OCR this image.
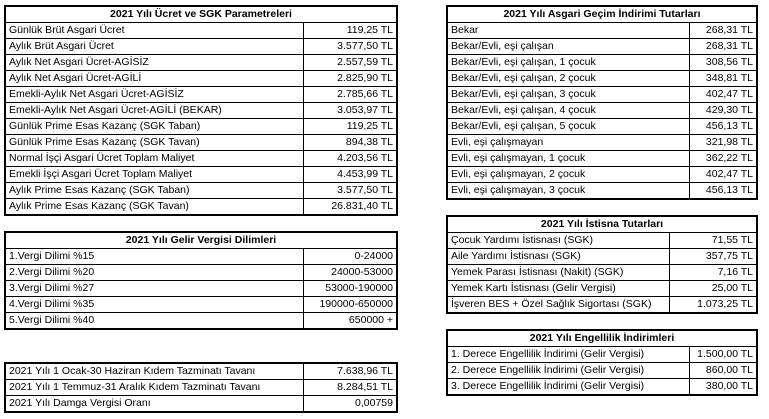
2021 Yılı Ücret ve SGK Parametreleri	
Günlük Brüt Asgari Ücret	119,25 TL
Aylık Brüt Asgari Ücret	3.577,50 TL
Aylık Net Asgari Ücret-AGİSİZ	2.557,59 TL
Aylık Net Asgari Ücret-AGİLİ	2.825,90 TL
Emekli-Aylık Net Asgari Ücret-AGİSİZ	2.785,66 TL
Emekli-Aylık Net Asgari Ücret-AGİLİ (BEKAR)	3.053,97 TL
Günlük Prime Esas Kazanç (SGK Taban)	119,25 TL
Günlük Prime Esas Kazanç (SGK Tavan)	894,38 TL
Normal İşçi Asgari Ücret Toplam Maliyet	4.203,56 TL
Emekli İşçi Asgari Ücret Toplam Maliyet	4.453,99 TL
Aylık Prime Esas Kazanç (SGK Taban)	3.577,50 TL
Aylık Prime Esas Kazanç (SGK Tavan)	26.831,40 TL
2021 Yılı Gelir Vergisi Dilimleri	
1.Vergi Dilimi %15	0-24000
2.Vergi Dilimi %20	24000-53000
3.Vergi Dilimi %27	53000-190000
4.Vergi Dilimi %35	190000-650000
5.Vergi Dilimi %40	650000 +
2021 Yılı 1 Ocak-30 Haziran Kıdem Tazminatı Tavanı	7.638,96 TL
2021 Yılı 1 Temmuz-31 Aralık Kıdem Tazminatı Tavanı	8.284,51 TL
2021 Yılı Damga Vergisi Oranı	0,00759
2021 Yılı Asgari Geçim İndirimi Tutarları	
Bekar	268,31 TL
Bekar/Evli, eşi çalışan	268,31 TL
Bekar/Evli, eşi çalışan, 1 çocuk	308,56 TL
Bekar/Evli, eşi çalışan, 2 çocuk	348,81 TL
Bekar/Evli, eşi çalışan, 3 çocuk	402,47 TL
Bekar/Evli, eşi çalışan, 4 çocuk	429,30 TL
Bekar/Evli, eşi çalışan, 5 çocuk	456,13 TL
Evli, eşi çalışmayan	321,98 TL
Evli, eşi çalışmayan, 1 çocuk	362,22 TL
Evli, eşi çalışmayan, 2 çocuk	402,47 TL
Evli, eşi çalışmayan, 3 çocuk	456,13 TL
2021 Yılı İstisna Tutarları	
Çocuk Yardımı İstisnası (SGK)	71,55 TL
Aile Yardımı İstisnası (SGK)	357,75 TL
Yemek Parası İstisnası (Nakit) (SGK)	7,16 TL
Yemek Kartı İstisnası (Gelir Vergisi)	25,00 TL
İşveren BES + Özel Sağlık Sigortası (SGK)	1.073,25 TL
2021 Yılı Engellilik İndirimleri	
1. Derece Engellilik İndirimi (Gelir Vergisi)	1.500,00 TL
2. Derece Engellilik İndirimi (Gelir Vergisi)	860,00 TL
3. Derece Engellilik İndirimi (Gelir Vergisi)	380,00 TL
